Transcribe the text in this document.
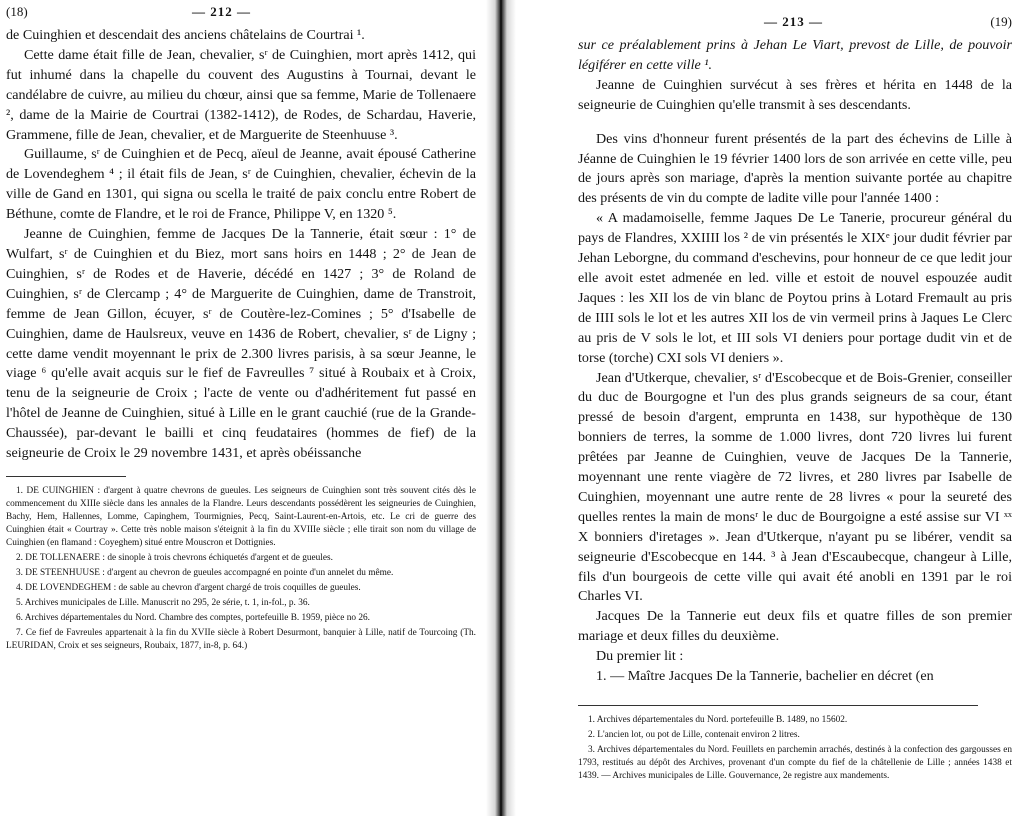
(18)	— 212 —

de Cuinghien et descendait des anciens châtelains de Courtrai ¹.

Cette dame était fille de Jean, chevalier, sʳ de Cuinghien, mort après 1412, qui fut inhumé dans la chapelle du couvent des Augustins à Tournai, devant le candélabre de cuivre, au milieu du chœur, ainsi que sa femme, Marie de Tollenaere ², dame de la Mairie de Courtrai (1382-1412), de Rodes, de Schardau, Haverie, Grammene, fille de Jean, chevalier, et de Marguerite de Steenhuuse ³.

Guillaume, sʳ de Cuinghien et de Pecq, aïeul de Jeanne, avait épousé Catherine de Lovendeghem ⁴ ; il était fils de Jean, sʳ de Cuinghien, chevalier, échevin de la ville de Gand en 1301, qui signa ou scella le traité de paix conclu entre Robert de Béthune, comte de Flandre, et le roi de France, Philippe V, en 1320 ⁵.

Jeanne de Cuinghien, femme de Jacques De la Tannerie, était sœur : 1° de Wulfart, sʳ de Cuinghien et du Biez, mort sans hoirs en 1448 ; 2° de Jean de Cuinghien, sʳ de Rodes et de Haverie, décédé en 1427 ; 3° de Roland de Cuinghien, sʳ de Clercamp ; 4° de Marguerite de Cuinghien, dame de Transtroit, femme de Jean Gillon, écuyer, sʳ de Coutère-lez-Comines ; 5° d'Isabelle de Cuinghien, dame de Haulsreux, veuve en 1436 de Robert, chevalier, sʳ de Ligny ; cette dame vendit moyennant le prix de 2.300 livres parisis, à sa sœur Jeanne, le viage ⁶ qu'elle avait acquis sur le fief de Favreulles ⁷ situé à Roubaix et à Croix, tenu de la seigneurie de Croix ; l'acte de vente ou d'adhéritement fut passé en l'hôtel de Jeanne de Cuinghien, situé à Lille en le grant cauchié (rue de la Grande-Chaussée), par-devant le bailli et cinq feudataires (hommes de fief) de la seigneurie de Croix le 29 novembre 1431, et après obéissanche

1. DE CUINGHIEN : d'argent à quatre chevrons de gueules. Les seigneurs de Cuinghien sont très souvent cités dès le commencement du XIIIe siècle dans les annales de la Flandre. Leurs descendants possédèrent les seigneuries de Cuinghien, Bachy, Hem, Hallennes, Lomme, Capinghem, Tourmignies, Pecq, Saint-Laurent-en-Artois, etc. Le cri de guerre des Cuinghien était « Courtray ». Cette très noble maison s'éteignit à la fin du XVIIIe siècle ; elle tirait son nom du village de Cuinghien (en flamand : Coyeghem) situé entre Mouscron et Dottignies.

2. DE TOLLENAERE : de sinople à trois chevrons échiquetés d'argent et de gueules.

3. DE STEENHUUSE : d'argent au chevron de gueules accompagné en pointe d'un annelet du même.

4. DE LOVENDEGHEM : de sable au chevron d'argent chargé de trois coquilles de gueules.

5. Archives municipales de Lille. Manuscrit no 295, 2e série, t. 1, in-fol., p. 36.

6. Archives départementales du Nord. Chambre des comptes, portefeuille B. 1959, pièce no 26.

7. Ce fief de Favreules appartenait à la fin du XVIIe siècle à Robert Desurmont, banquier à Lille, natif de Tourcoing (Th. LEURIDAN, Croix et ses seigneurs, Roubaix, 1877, in-8, p. 64.)

— 213 —	(19)

sur ce préalablement prins à Jehan Le Viart, prevost de Lille, de pouvoir légiférer en cette ville ¹.

Jeanne de Cuinghien survécut à ses frères et hérita en 1448 de la seigneurie de Cuinghien qu'elle transmit à ses descendants.

Des vins d'honneur furent présentés de la part des échevins de Lille à Jéanne de Cuinghien le 19 février 1400 lors de son arrivée en cette ville, peu de jours après son mariage, d'après la mention suivante portée au chapitre des présents de vin du compte de ladite ville pour l'année 1400 :

« A madamoiselle, femme Jaques De Le Tanerie, procureur général du pays de Flandres, XXIIII los ² de vin présentés le XIXᵉ jour dudit février par Jehan Leborgne, du command d'eschevins, pour honneur de ce que ledit jour elle avoit estet admenée en led. ville et estoit de nouvel espouzée audit Jaques : les XII los de vin blanc de Poytou prins à Lotard Fremault au pris de IIII sols le lot et les autres XII los de vin vermeil prins à Jaques Le Clerc au pris de V sols le lot, et III sols VI deniers pour portage dudit vin et de torse (torche) CXI sols VI deniers ».

Jean d'Utkerque, chevalier, sʳ d'Escobecque et de Bois-Grenier, conseiller du duc de Bourgogne et l'un des plus grands seigneurs de sa cour, étant pressé de besoin d'argent, emprunta en 1438, sur hypothèque de 130 bonniers de terres, la somme de 1.000 livres, dont 720 livres lui furent prêtées par Jeanne de Cuinghien, veuve de Jacques De la Tannerie, moyennant une rente viagère de 72 livres, et 280 livres par Isabelle de Cuinghien, moyennant une autre rente de 28 livres « pour la seureté des quelles rentes la main de monsʳ le duc de Bourgoigne a esté assise sur VI ˣˣ X bonniers d'iretages ». Jean d'Utkerque, n'ayant pu se libérer, vendit sa seigneurie d'Escobecque en 144. ³ à Jean d'Escaubecque, changeur à Lille, fils d'un bourgeois de cette ville qui avait été anobli en 1391 par le roi Charles VI.

Jacques De la Tannerie eut deux fils et quatre filles de son premier mariage et deux filles du deuxième.

Du premier lit :

1. — Maître Jacques De la Tannerie, bachelier en décret (en

1. Archives départementales du Nord. portefeuille B. 1489, no 15602.

2. L'ancien lot, ou pot de Lille, contenait environ 2 litres.

3. Archives départementales du Nord. Feuillets en parchemin arrachés, destinés à la confection des gargousses en 1793, restitués au dépôt des Archives, provenant d'un compte du fief de la châtellenie de Lille ; années 1438 et 1439. — Archives municipales de Lille. Gouvernance, 2e registre aux mandements.
